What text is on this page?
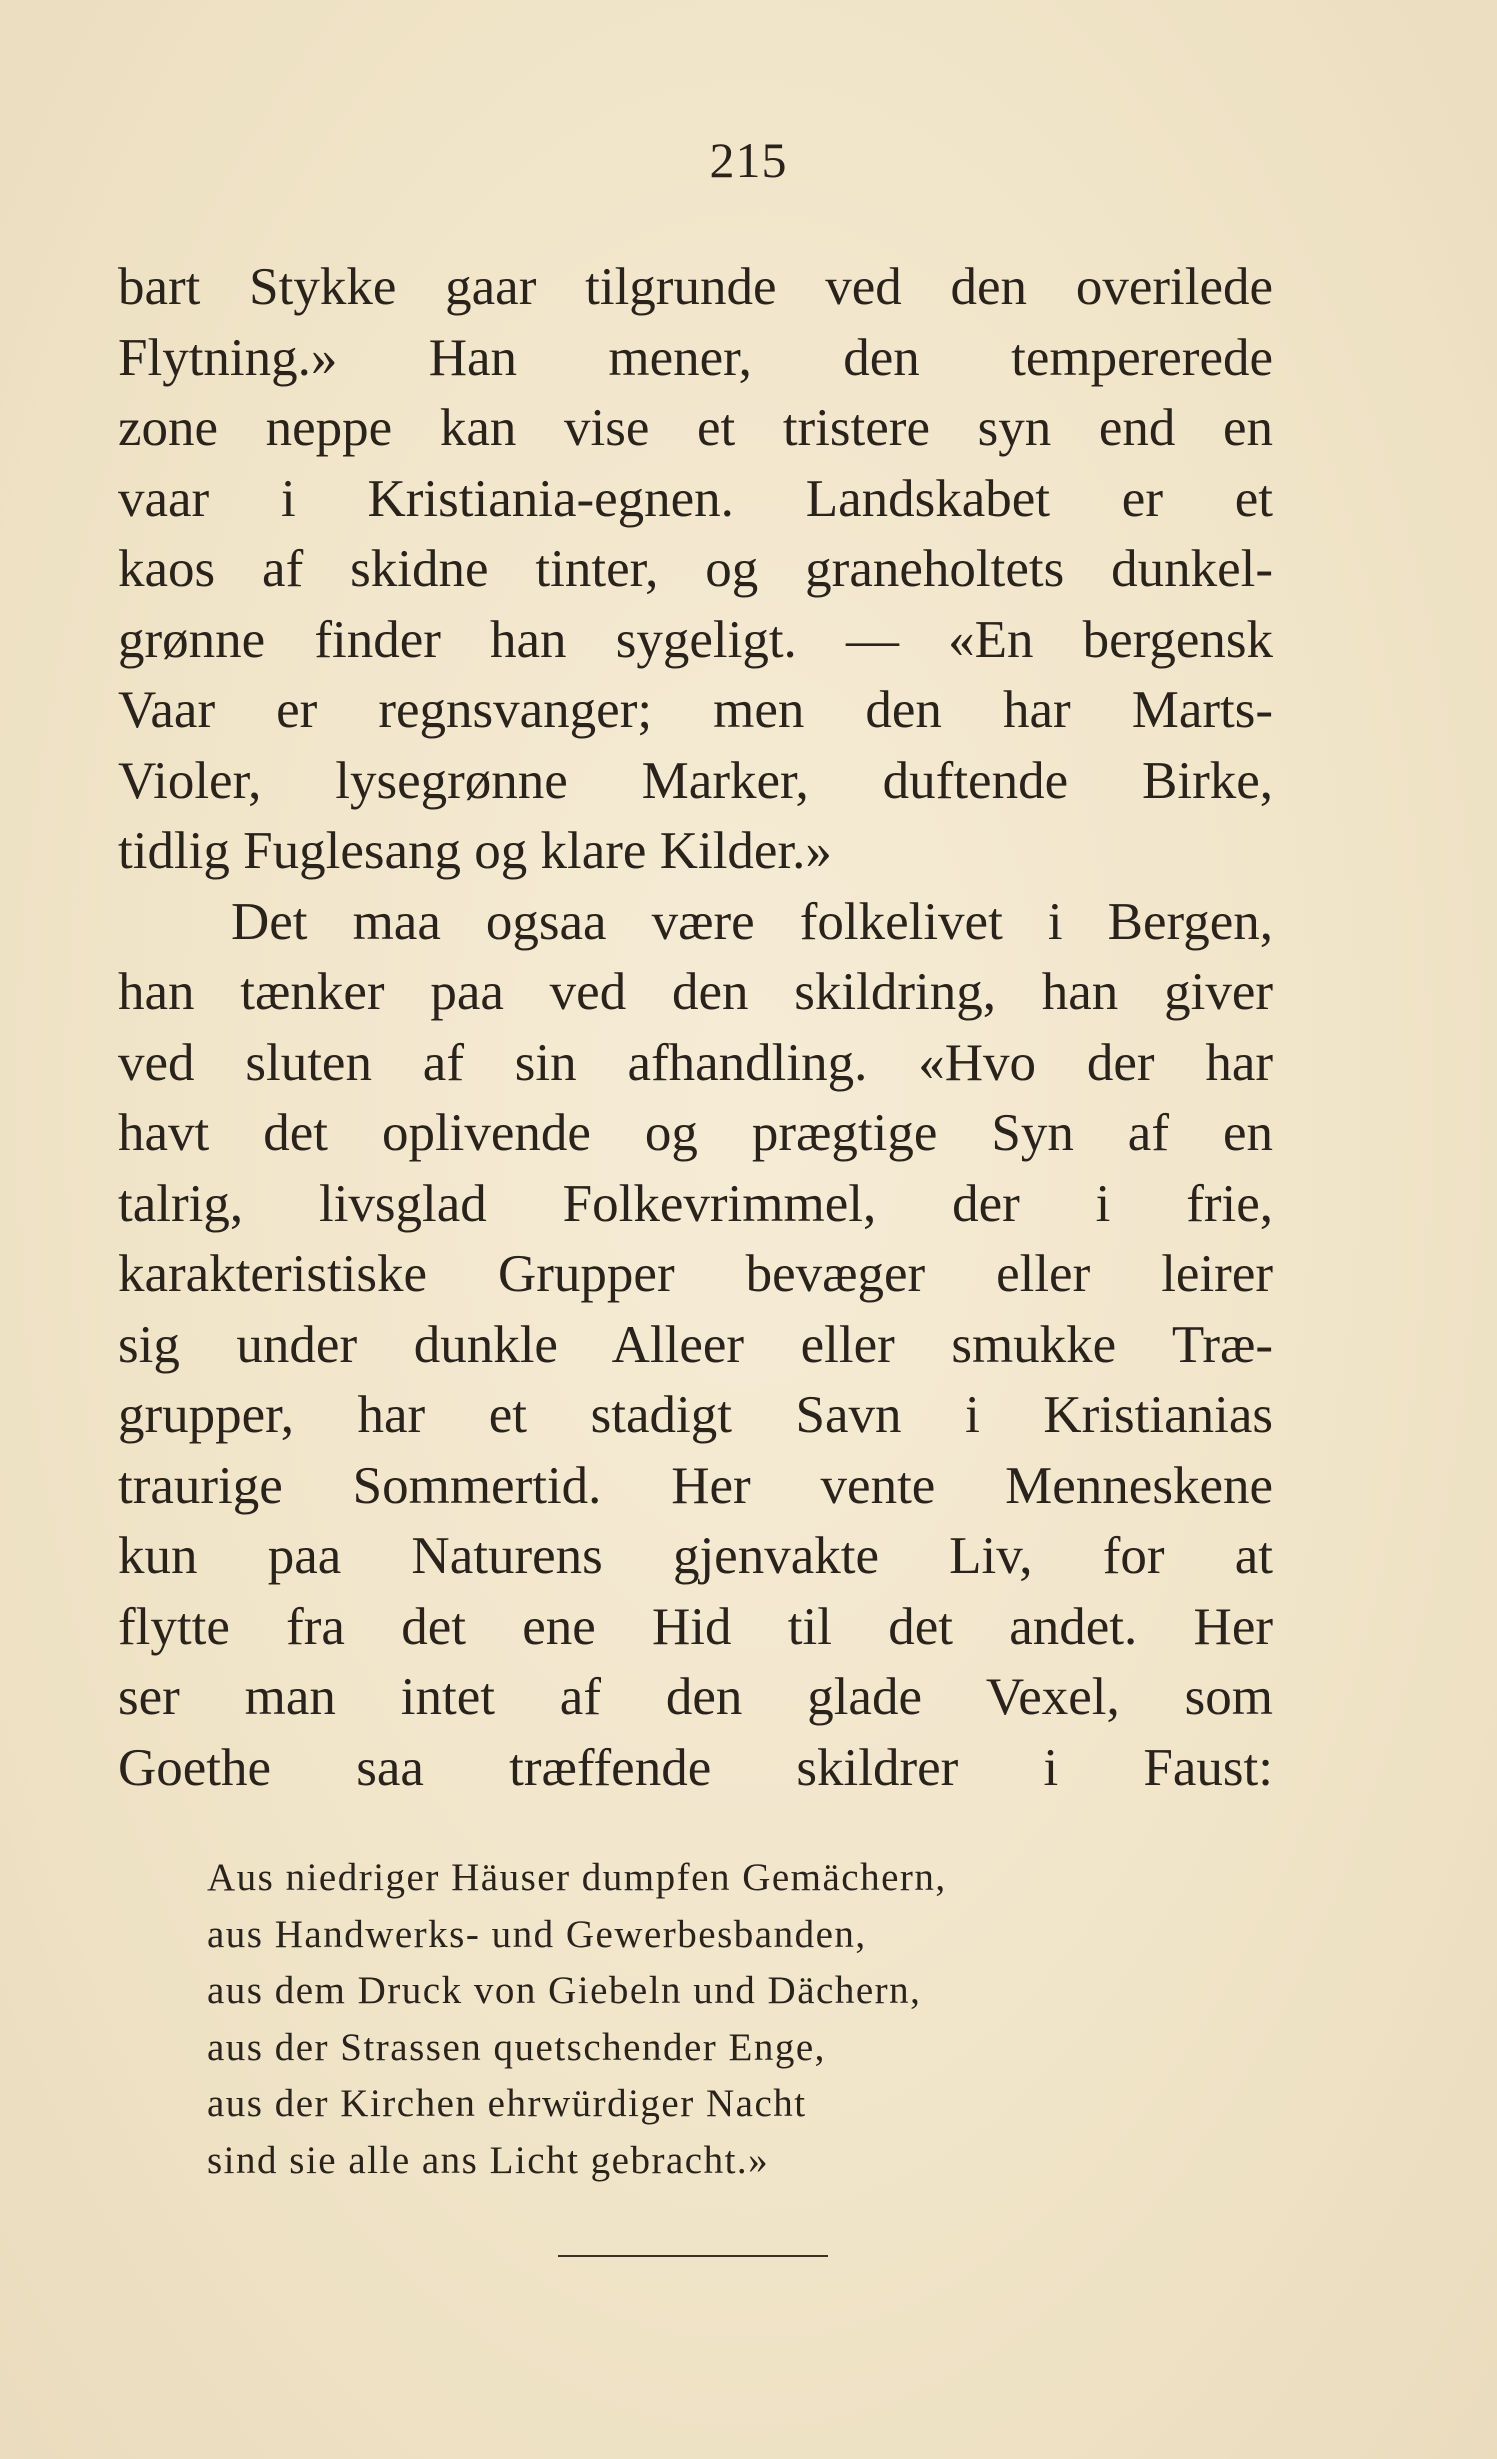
215
bart Stykke gaar tilgrunde ved den overilede
Flytning.» Han mener, den tempererede
zone neppe kan vise et tristere syn end en
vaar i Kristiania-egnen. Landskabet er et
kaos af skidne tinter, og graneholtets dunkel-
grønne finder han sygeligt. — «En bergensk
Vaar er regnsvanger; men den har Marts-
Violer, lysegrønne Marker, duftende Birke,
tidlig Fuglesang og klare Kilder.»
Det maa ogsaa være folkelivet i Bergen,
han tænker paa ved den skildring, han giver
ved sluten af sin afhandling. «Hvo der har
havt det oplivende og prægtige Syn af en
talrig, livsglad Folkevrimmel, der i frie,
karakteristiske Grupper bevæger eller leirer
sig under dunkle Alleer eller smukke Træ-
grupper, har et stadigt Savn i Kristianias
traurige Sommertid. Her vente Menneskene
kun paa Naturens gjenvakte Liv, for at
flytte fra det ene Hid til det andet. Her
ser man intet af den glade Vexel, som
Goethe saa træffende skildrer i Faust:
Aus niedriger Häuser dumpfen Gemächern,
aus Handwerks- und Gewerbesbanden,
aus dem Druck von Giebeln und Dächern,
aus der Strassen quetschender Enge,
aus der Kirchen ehrwürdiger Nacht
sind sie alle ans Licht gebracht.»
